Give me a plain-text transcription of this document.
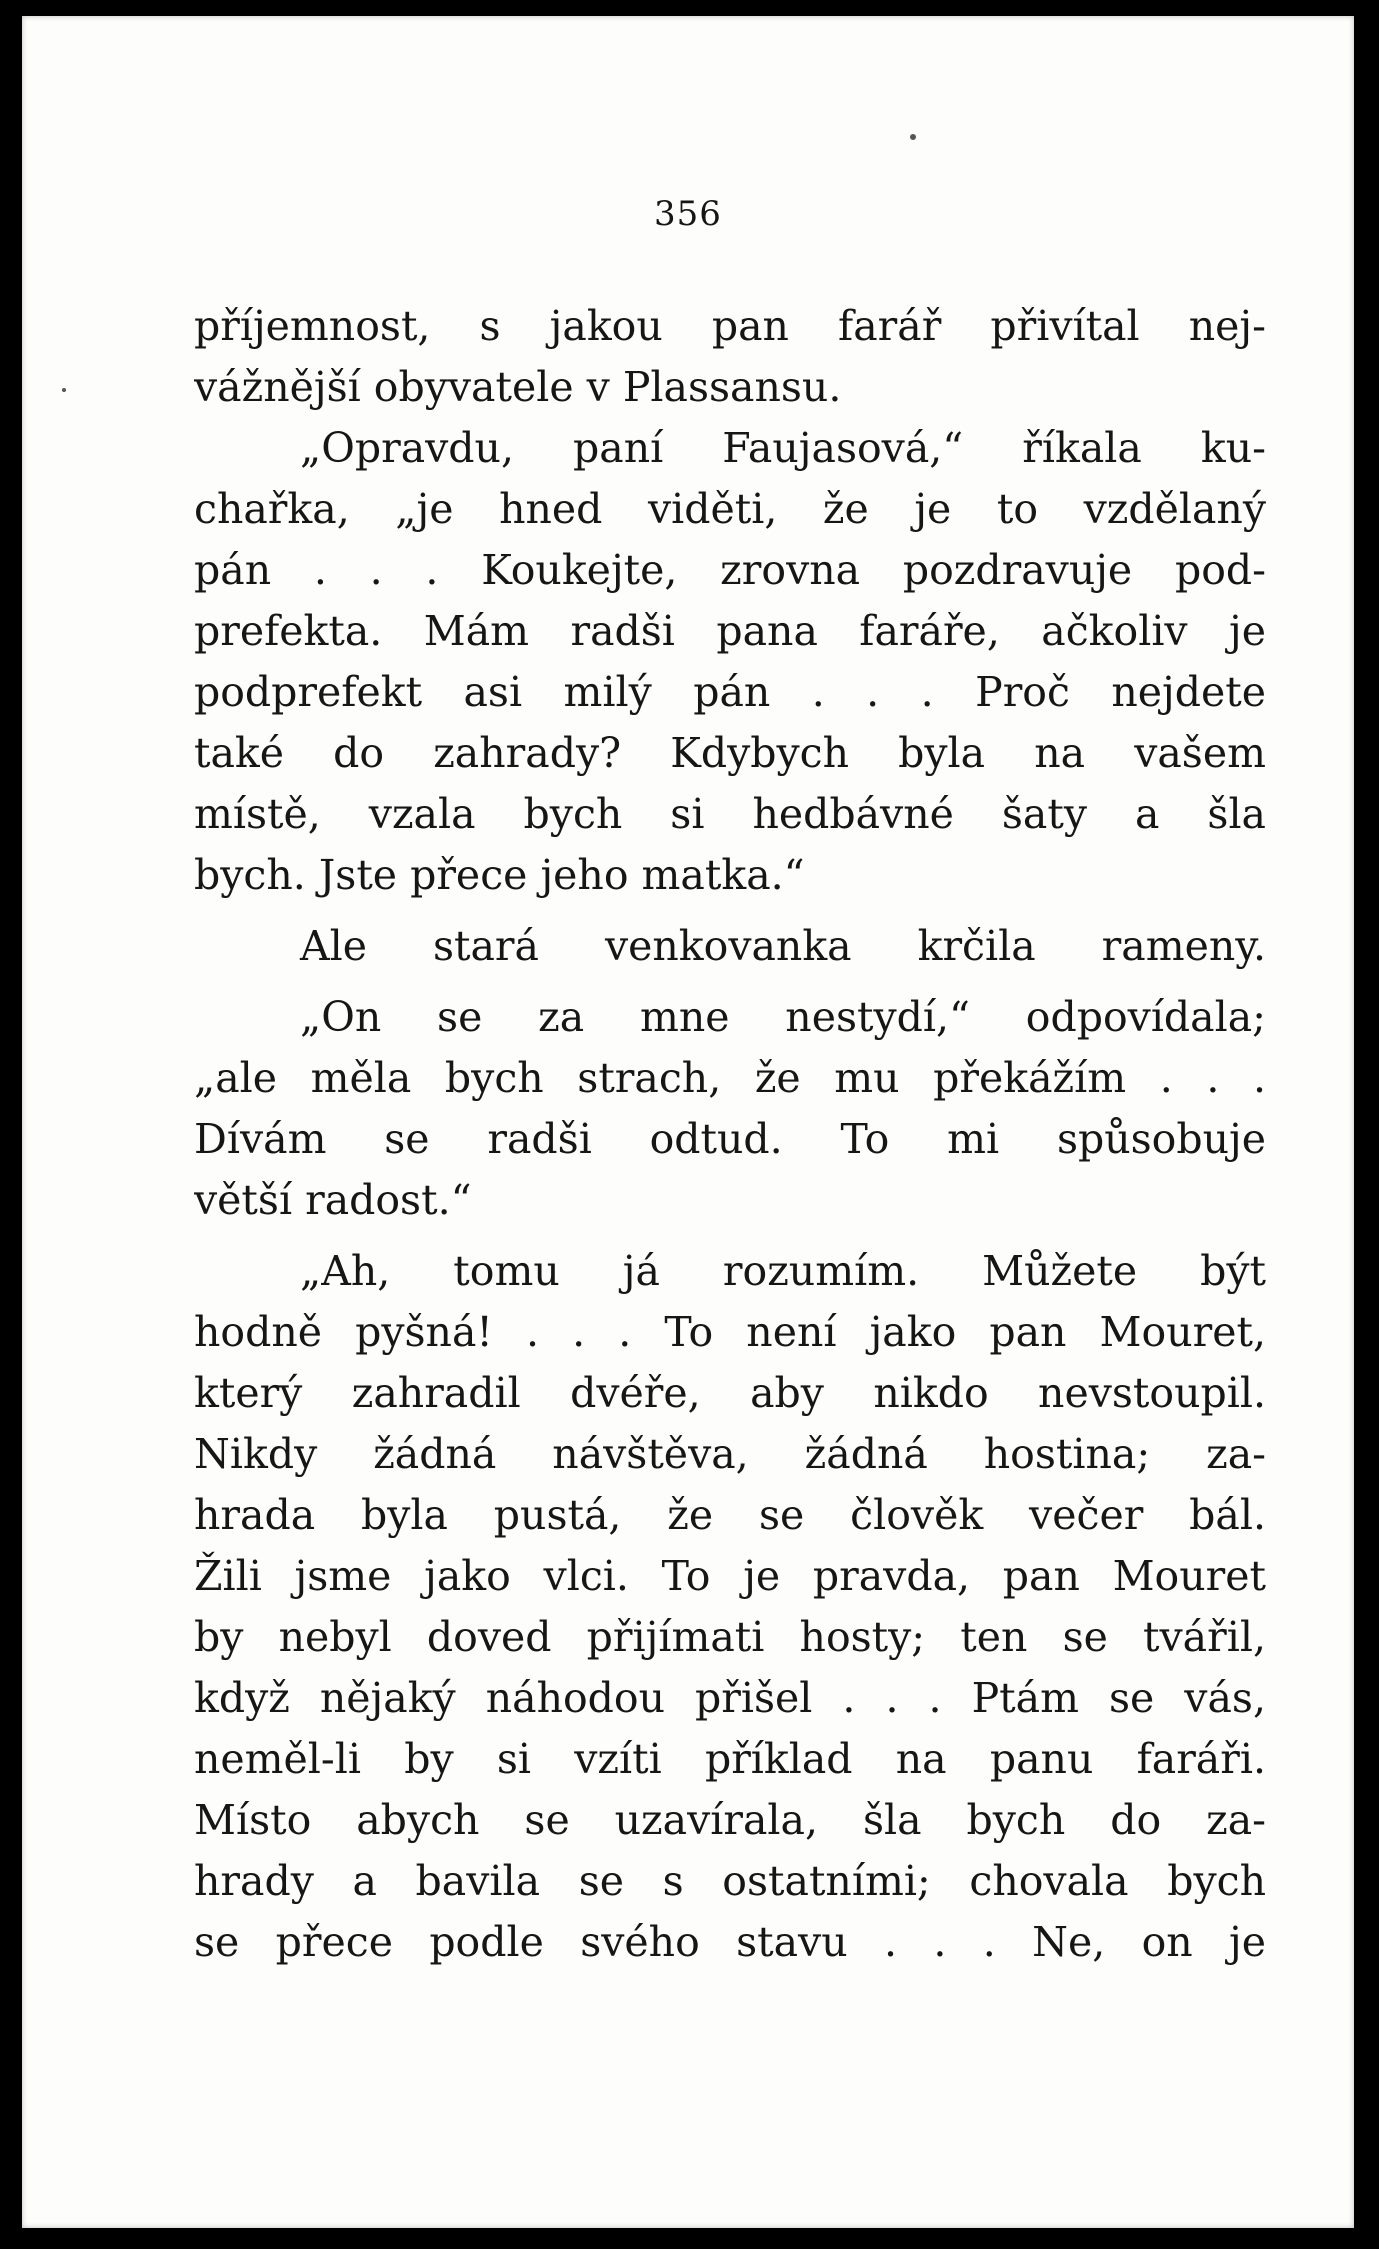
356
příjemnost, s jakou pan farář přivítal nej-
vážnější obyvatele v Plassansu.
„Opravdu, paní Faujasová,“ říkala ku-
chařka, „je hned viděti, že je to vzdělaný
pán . . . Koukejte, zrovna pozdravuje pod-
prefekta. Mám radši pana faráře, ačkoliv je
podprefekt asi milý pán . . . Proč nejdete
také do zahrady? Kdybych byla na vašem
místě, vzala bych si hedbávné šaty a šla
bych. Jste přece jeho matka.“
Ale stará venkovanka krčila rameny.
„On se za mne nestydí,“ odpovídala;
„ale měla bych strach, že mu překážím . . .
Dívám se radši odtud. To mi spůsobuje
větší radost.“
„Ah, tomu já rozumím. Můžete být
hodně pyšná! . . . To není jako pan Mouret,
který zahradil dvéře, aby nikdo nevstoupil.
Nikdy žádná návštěva, žádná hostina; za-
hrada byla pustá, že se člověk večer bál.
Žili jsme jako vlci. To je pravda, pan Mouret
by nebyl doved přijímati hosty; ten se tvářil,
když nějaký náhodou přišel . . . Ptám se vás,
neměl-li by si vzíti příklad na panu faráři.
Místo abych se uzavírala, šla bych do za-
hrady a bavila se s ostatními; chovala bych
se přece podle svého stavu . . . Ne, on je
